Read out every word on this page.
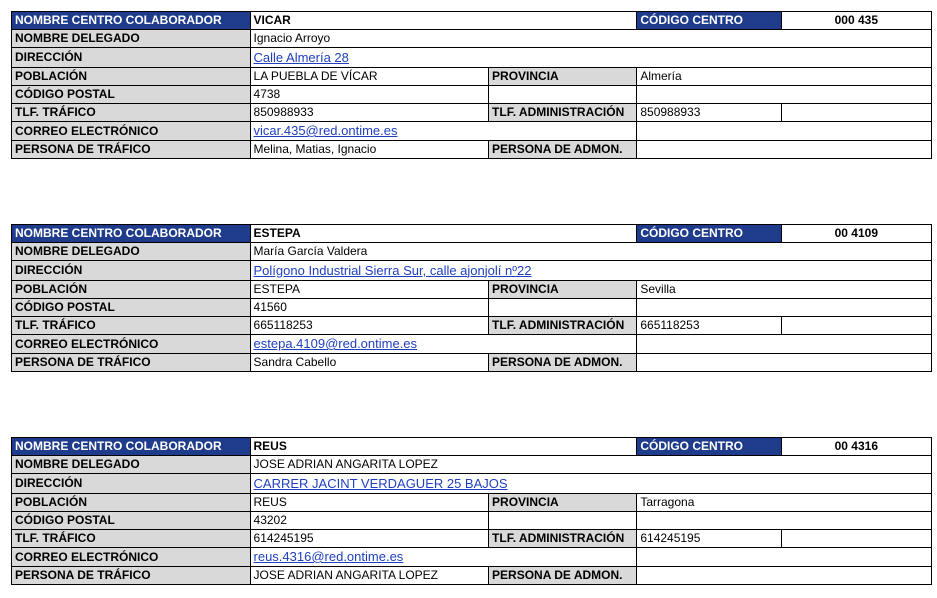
NOMBRE CENTRO COLABORADOR	VICAR		CÓDIGO CENTRO	000 435
NOMBRE DELEGADO	Ignacio Arroyo			
DIRECCIÓN	Calle Almería 28			
POBLACIÓN	LA PUEBLA DE VÍCAR	PROVINCIA	Almería	
CÓDIGO POSTAL	4738			
TLF. TRÁFICO	850988933	TLF. ADMINISTRACIÓN	850988933	
CORREO ELECTRÓNICO	vicar.435@red.ontime.es			
PERSONA DE TRÁFICO	Melina, Matias, Ignacio	PERSONA DE ADMON.		
NOMBRE CENTRO COLABORADOR	ESTEPA		CÓDIGO CENTRO	00 4109
NOMBRE DELEGADO	María García Valdera			
DIRECCIÓN	Polígono Industrial Sierra Sur, calle ajonjolí nº22			
POBLACIÓN	ESTEPA	PROVINCIA	Sevilla	
CÓDIGO POSTAL	41560			
TLF. TRÁFICO	665118253	TLF. ADMINISTRACIÓN	665118253	
CORREO ELECTRÓNICO	estepa.4109@red.ontime.es			
PERSONA DE TRÁFICO	Sandra Cabello	PERSONA DE ADMON.		
NOMBRE CENTRO COLABORADOR	REUS		CÓDIGO CENTRO	00 4316
NOMBRE DELEGADO	JOSE ADRIAN ANGARITA LOPEZ			
DIRECCIÓN	CARRER JACINT VERDAGUER 25 BAJOS			
POBLACIÓN	REUS	PROVINCIA	Tarragona	
CÓDIGO POSTAL	43202			
TLF. TRÁFICO	614245195	TLF. ADMINISTRACIÓN	614245195	
CORREO ELECTRÓNICO	reus.4316@red.ontime.es			
PERSONA DE TRÁFICO	JOSE ADRIAN ANGARITA LOPEZ	PERSONA DE ADMON.		
